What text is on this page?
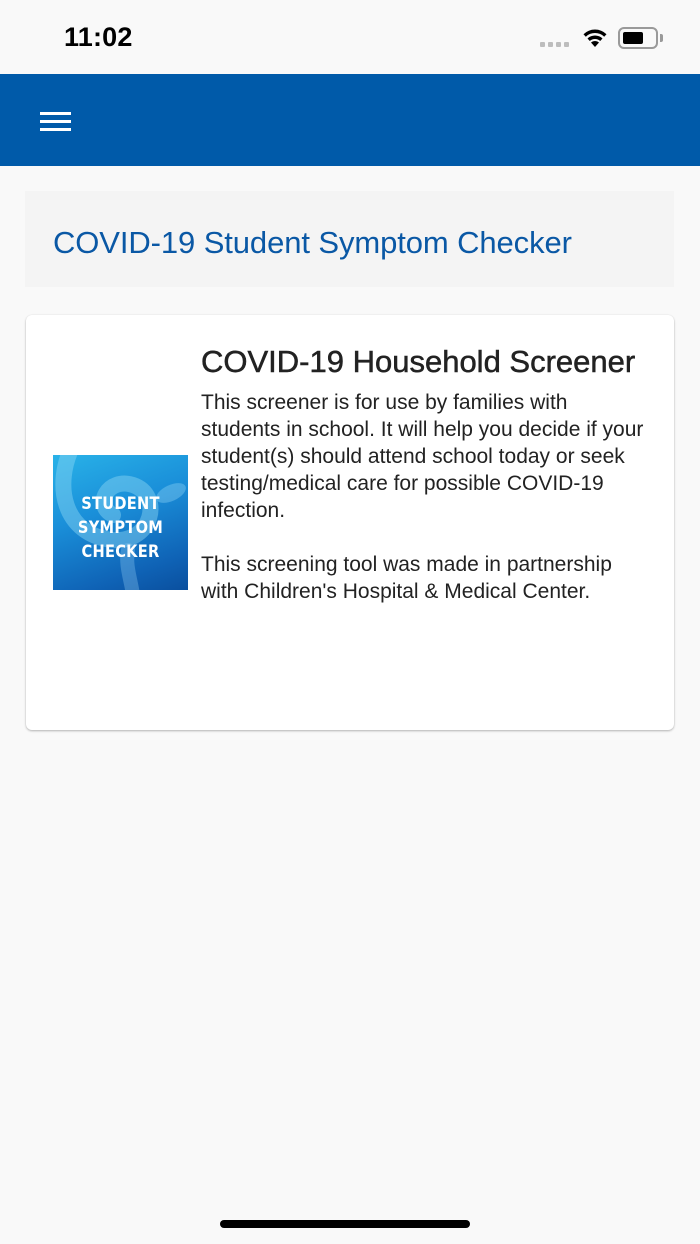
11:02
COVID-19 Student Symptom Checker
STUDENT
SYMPTOM
CHECKER
COVID-19 Household Screener

This screener is for use by families with students in school. It will help you decide if your student(s) should attend school today or seek testing/medical care for possible COVID-19 infection.

This screening tool was made in partnership with Children's Hospital & Medical Center.
